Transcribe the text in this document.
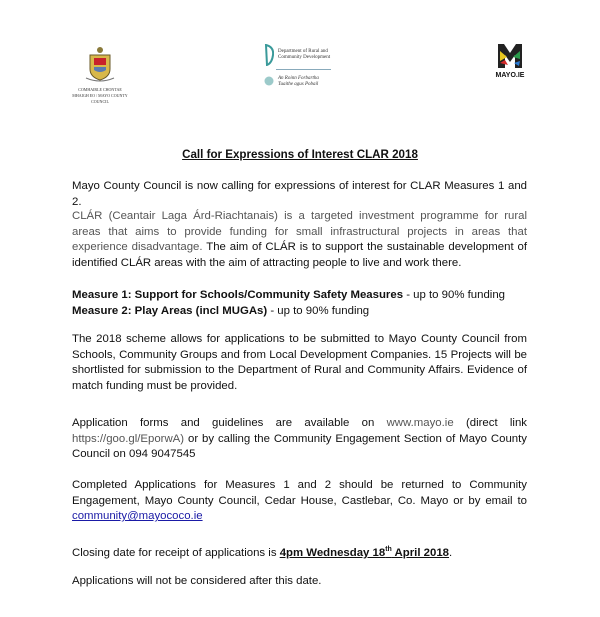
COMHAIRLE CHONTAE MHAIGH EO / MAYO COUNTY COUNCIL
Department of Rural and
Community Development
An Roinn Forbartha
Tuaithe agus Pobail
MAYO.IE
Call for Expressions of Interest CLAR 2018
Mayo County Council is now calling for expressions of interest for CLAR Measures 1 and 2.
CLÁR (Ceantair Laga Árd-Riachtanais) is a targeted investment programme for rural areas that aims to provide funding for small infrastructural projects in areas that experience disadvantage. The aim of CLÁR is to support the sustainable development of identified CLÁR areas with the aim of attracting people to live and work there.
Measure 1: Support for Schools/Community Safety Measures - up to 90% funding
Measure 2: Play Areas (incl MUGAs) - up to 90% funding
The 2018 scheme allows for applications to be submitted to Mayo County Council from Schools, Community Groups and from Local Development Companies. 15 Projects will be shortlisted for submission to the Department of Rural and Community Affairs. Evidence of match funding must be provided.
Application forms and guidelines are available on www.mayo.ie (direct link https://goo.gl/EporwA) or by calling the Community Engagement Section of Mayo County Council on 094 9047545
Completed Applications for Measures 1 and 2 should be returned to Community Engagement, Mayo County Council, Cedar House, Castlebar, Co. Mayo or by email to community@mayococo.ie
Closing date for receipt of applications is 4pm Wednesday 18th April 2018.
Applications will not be considered after this date.
